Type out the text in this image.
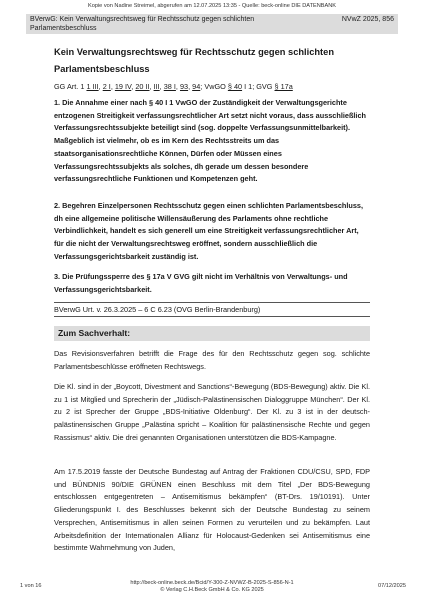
Kopie von Nadine Streimel, abgerufen am 12.07.2025 13:35 - Quelle: beck-online DIE DATENBANK
BVerwG: Kein Verwaltungsrechtsweg für Rechtsschutz gegen schlichten Parlamentsbeschluss
NVwZ 2025, 856
Kein Verwaltungsrechtsweg für Rechtsschutz gegen schlichten Parlamentsbeschluss
GG Art. 1 1 III, 2 I, 19 IV, 20 II, III, 38 I, 93, 94; VwGO § 40 I 1; GVG § 17a
1. Die Annahme einer nach § 40 I 1 VwGO der Zuständigkeit der Verwaltungsgerichte entzogenen Streitigkeit verfassungsrechtlicher Art setzt nicht voraus, dass ausschließlich Verfassungsrechtssubjekte beteiligt sind (sog. doppelte Verfassungsunmittelbarkeit). Maßgeblich ist vielmehr, ob es im Kern des Rechtsstreits um das staatsorganisationsrechtliche Können, Dürfen oder Müssen eines Verfassungsrechtssubjekts als solches, dh gerade um dessen besondere verfassungsrechtliche Funktionen und Kompetenzen geht.
2. Begehren Einzelpersonen Rechtsschutz gegen einen schlichten Parlamentsbeschluss, dh eine allgemeine politische Willensäußerung des Parlaments ohne rechtliche Verbindlichkeit, handelt es sich generell um eine Streitigkeit verfassungsrechtlicher Art, für die nicht der Verwaltungsrechtsweg eröffnet, sondern ausschließlich die Verfassungsgerichtsbarkeit zuständig ist.
3. Die Prüfungssperre des § 17a V GVG gilt nicht im Verhältnis von Verwaltungs- und Verfassungsgerichtsbarkeit.
BVerwG Urt. v. 26.3.2025 – 6 C 6.23 (OVG Berlin-Brandenburg)
Zum Sachverhalt:
Das Revisionsverfahren betrifft die Frage des für den Rechtsschutz gegen sog. schlichte Parlamentsbeschlüsse eröffneten Rechtswegs.
Die Kl. sind in der „Boycott, Divestment and Sanctions“-Bewegung (BDS-Bewegung) aktiv. Die Kl. zu 1 ist Mitglied und Sprecherin der „Jüdisch-Palästinensischen Dialoggruppe München“. Der Kl. zu 2 ist Sprecher der Gruppe „BDS-Initiative Oldenburg“. Der Kl. zu 3 ist in der deutsch-palästinensischen Gruppe „Palästina spricht – Koalition für palästinensische Rechte und gegen Rassismus“ aktiv. Die drei genannten Organisationen unterstützen die BDS-Kampagne.
Am 17.5.2019 fasste der Deutsche Bundestag auf Antrag der Fraktionen CDU/CSU, SPD, FDP und BÜNDNIS 90/DIE GRÜNEN einen Beschluss mit dem Titel „Der BDS-Bewegung entschlossen entgegentreten – Antisemitismus bekämpfen“ (BT-Drs. 19/10191). Unter Gliederungspunkt I. des Beschlusses bekennt sich der Deutsche Bundestag zu seinem Versprechen, Antisemitismus in allen seinen Formen zu verurteilen und zu bekämpfen. Laut Arbeitsdefinition der Internationalen Allianz für Holocaust-Gedenken sei Antisemitismus eine bestimmte Wahrnehmung von Juden,
1 von 16	http://beck-online.beck.de/Bcid/Y-300-Z-NVWZ-B-2025-S-856-N-1
© Verlag C.H.Beck GmbH & Co. KG 2025
07/12/2025
